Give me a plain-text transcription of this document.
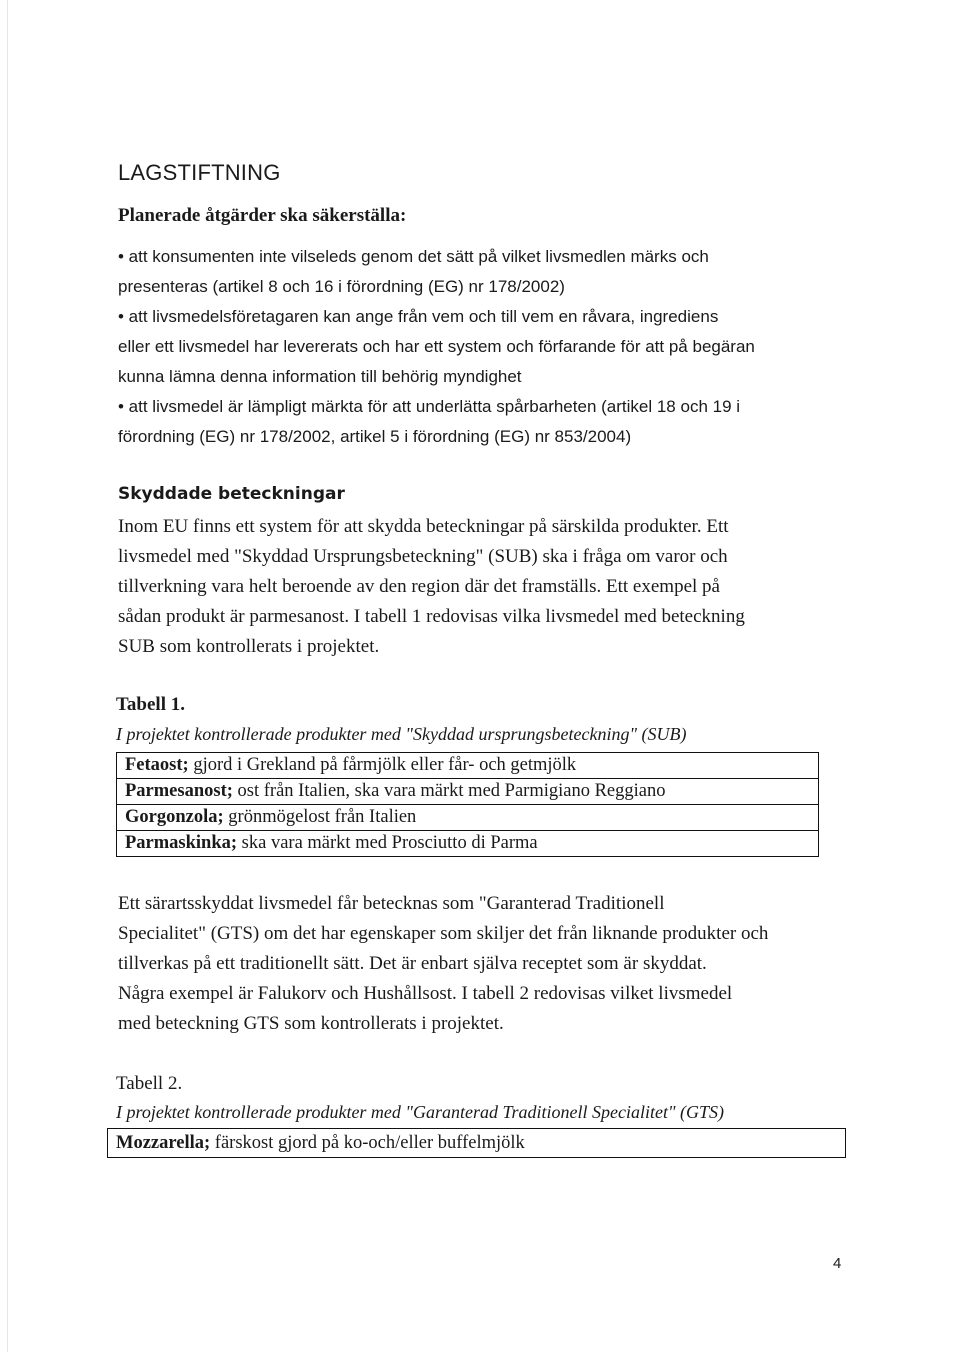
LAGSTIFTNING
Planerade åtgärder ska säkerställa:
• att konsumenten inte vilseleds genom det sätt på vilket livsmedlen märks och
presenteras (artikel 8 och 16 i förordning (EG) nr 178/2002)
• att livsmedelsföretagaren kan ange från vem och till vem en råvara, ingrediens
eller ett livsmedel har levererats och har ett system och förfarande för att på begäran
kunna lämna denna information till behörig myndighet
• att livsmedel är lämpligt märkta för att underlätta spårbarheten (artikel 18 och 19 i
förordning (EG) nr 178/2002, artikel 5 i förordning (EG) nr 853/2004)
Skyddade beteckningar
Inom EU finns ett system för att skydda beteckningar på särskilda produkter. Ett
livsmedel med "Skyddad Ursprungsbeteckning" (SUB) ska i fråga om varor och
tillverkning vara helt beroende av den region där det framställs. Ett exempel på
sådan produkt är parmesanost. I tabell 1 redovisas vilka livsmedel med beteckning
SUB som kontrollerats i projektet.
Tabell 1.
I projektet kontrollerade produkter med "Skyddad ursprungsbeteckning" (SUB)
Fetaost; gjord i Grekland på fårmjölk eller får- och getmjölk
Parmesanost; ost från Italien, ska vara märkt med Parmigiano Reggiano
Gorgonzola; grönmögelost från Italien
Parmaskinka; ska vara märkt med Prosciutto di Parma
Ett särartsskyddat livsmedel får betecknas som "Garanterad Traditionell
Specialitet" (GTS) om det har egenskaper som skiljer det från liknande produkter och
tillverkas på ett traditionellt sätt. Det är enbart själva receptet som är skyddat.
Några exempel är Falukorv och Hushållsost. I tabell 2 redovisas vilket livsmedel
med beteckning GTS som kontrollerats i projektet.
Tabell 2.
I projektet kontrollerade produkter med "Garanterad Traditionell Specialitet" (GTS)
Mozzarella; färskost gjord på ko-och/eller buffelmjölk
4
